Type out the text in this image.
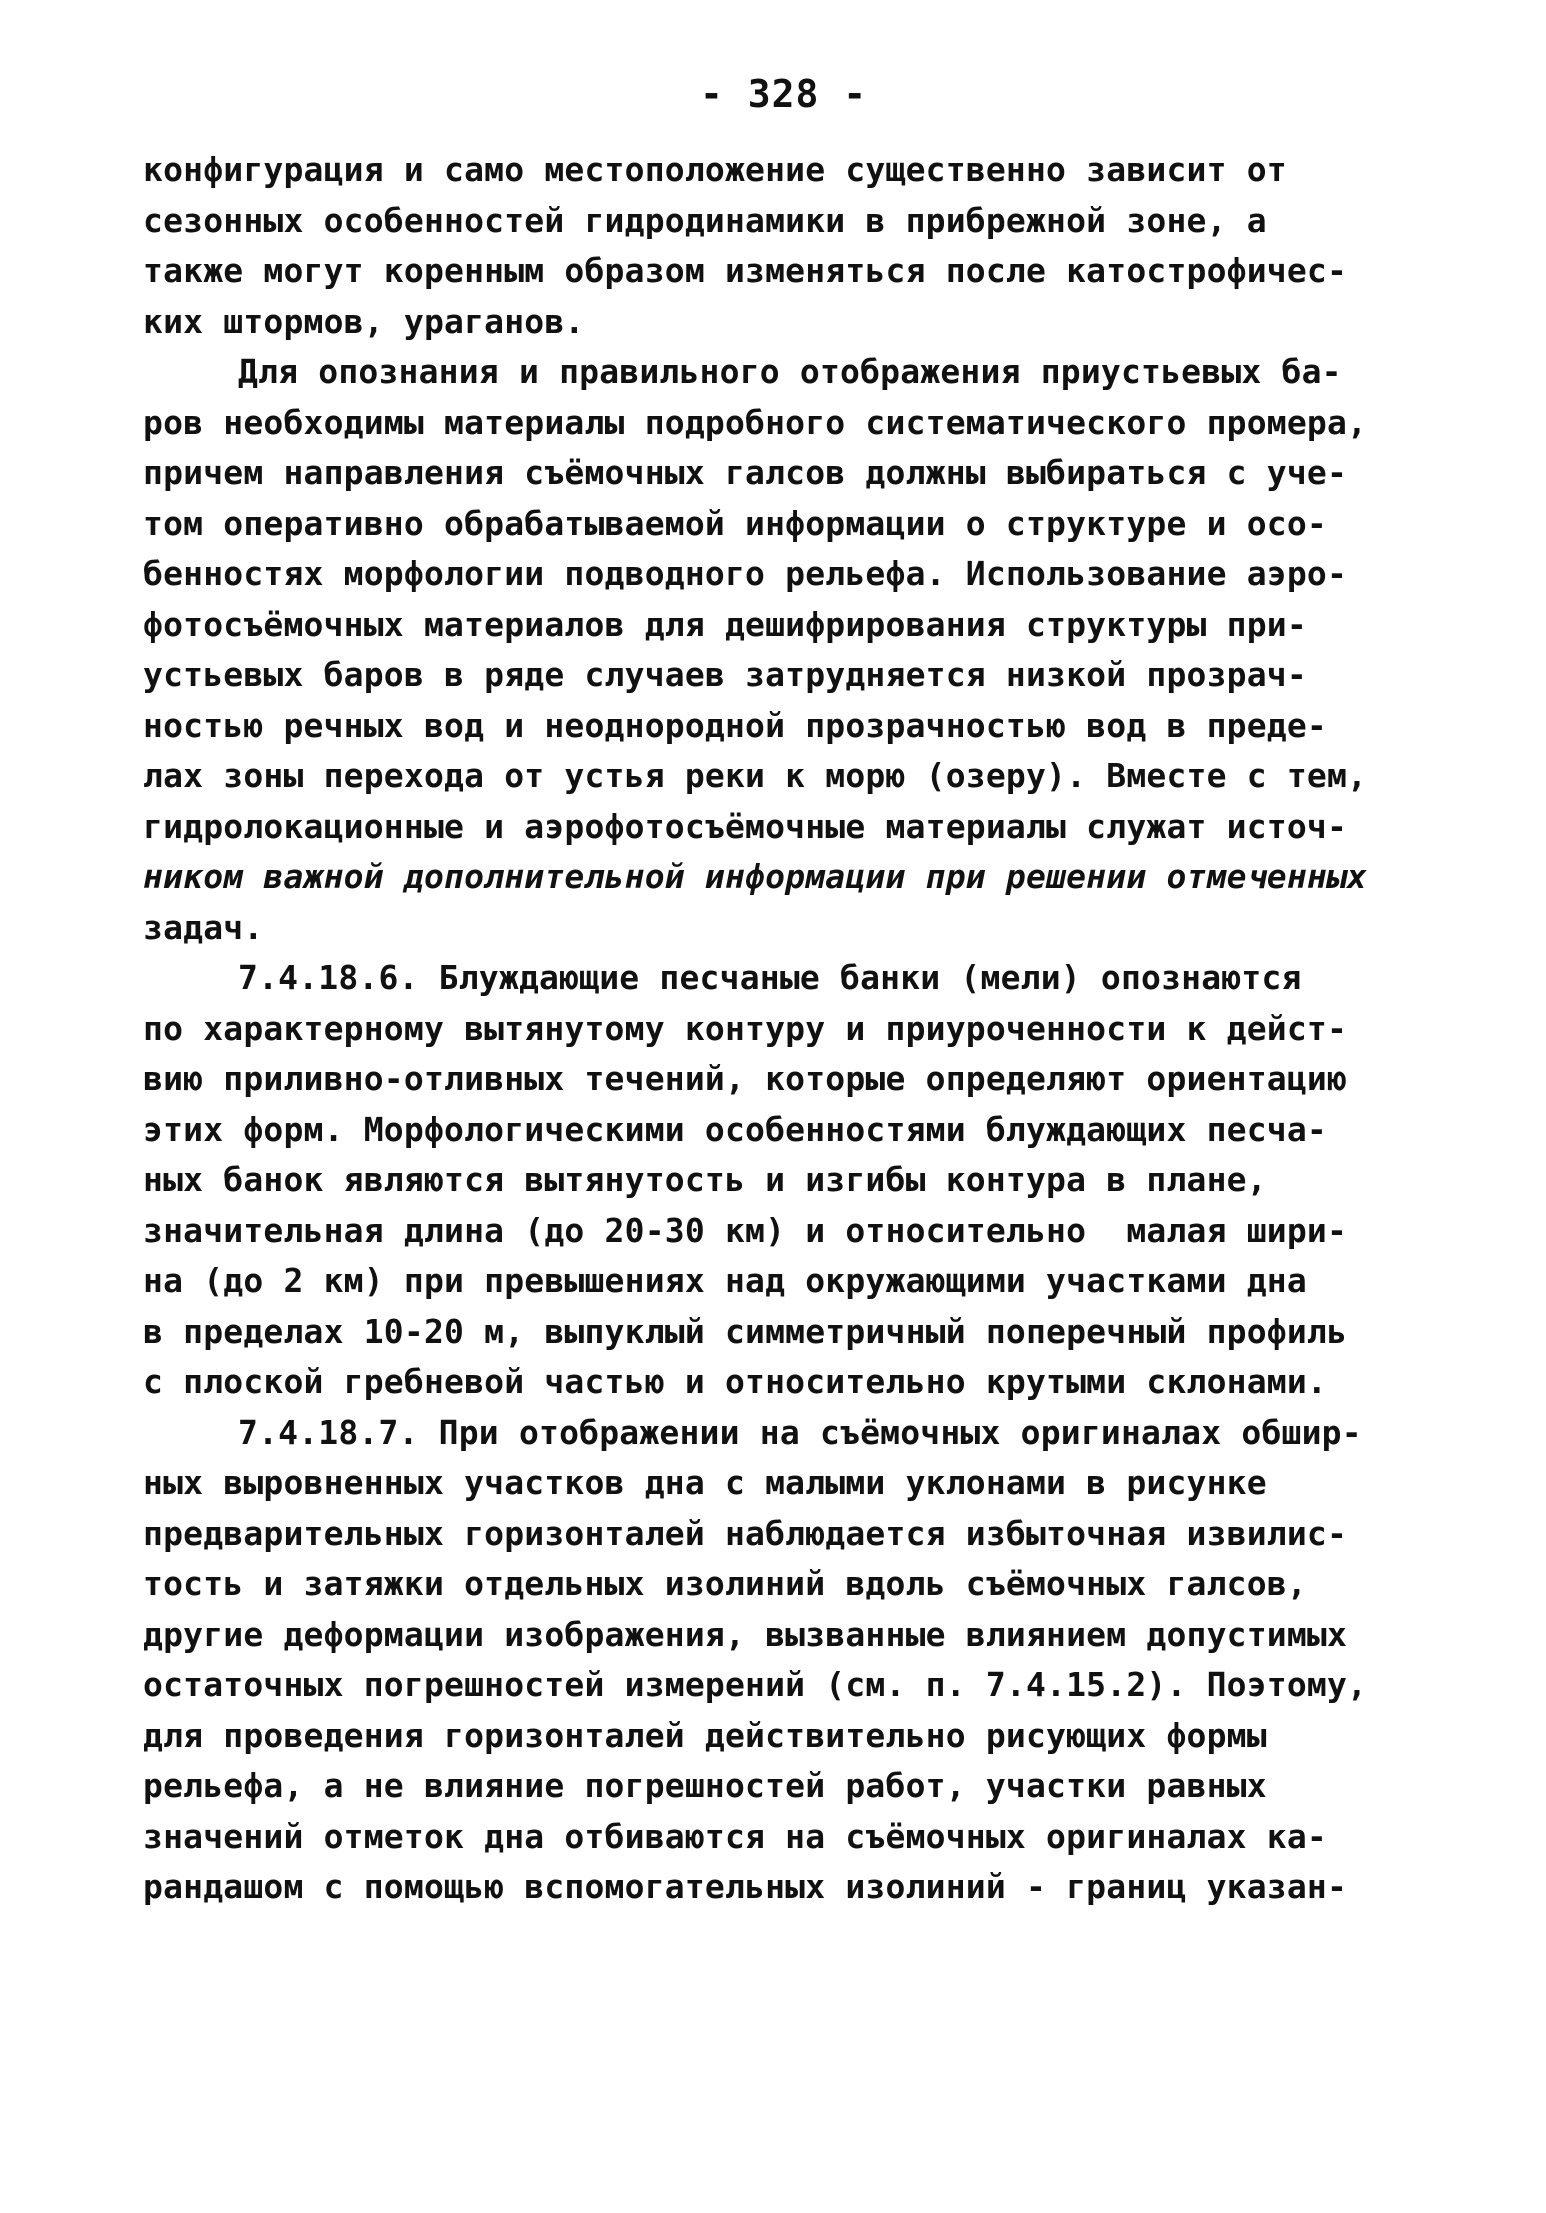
- 328 -
конфигурация и само местоположение существенно зависит от
сезонных особенностей гидродинамики в прибрежной зоне, а
также могут коренным образом изменяться после катострофичес-
ких штормов, ураганов.
Для опознания и правильного отображения приустьевых ба-
ров необходимы материалы подробного систематического промера,
причем направления съёмочных галсов должны выбираться с уче-
том оперативно обрабатываемой информации о структуре и осо-
бенностях морфологии подводного рельефа. Использование аэро-
фотосъёмочных материалов для дешифрирования структуры при-
устьевых баров в ряде случаев затрудняется низкой прозрач-
ностью речных вод и неоднородной прозрачностью вод в преде-
лах зоны перехода от устья реки к морю (озеру). Вместе с тем,
гидролокационные и аэрофотосъёмочные материалы служат источ-
ником важной дополнительной информации при решении отмеченных
задач.
7.4.18.6. Блуждающие песчаные банки (мели) опознаются
по характерному вытянутому контуру и приуроченности к дейст-
вию приливно-отливных течений, которые определяют ориентацию
этих форм. Морфологическими особенностями блуждающих песча-
ных банок являются вытянутость и изгибы контура в плане,
значительная длина (до 20-30 км) и относительно  малая шири-
на (до 2 км) при превышениях над окружающими участками дна
в пределах 10-20 м, выпуклый симметричный поперечный профиль
с плоской гребневой частью и относительно крутыми склонами.
7.4.18.7. При отображении на съёмочных оригиналах обшир-
ных выровненных участков дна с малыми уклонами в рисунке
предварительных горизонталей наблюдается избыточная извилис-
тость и затяжки отдельных изолиний вдоль съёмочных галсов,
другие деформации изображения, вызванные влиянием допустимых
остаточных погрешностей измерений (см. п. 7.4.15.2). Поэтому,
для проведения горизонталей действительно рисующих формы
рельефа, а не влияние погрешностей работ, участки равных
значений отметок дна отбиваются на съёмочных оригиналах ка-
рандашом с помощью вспомогательных изолиний - границ указан-
